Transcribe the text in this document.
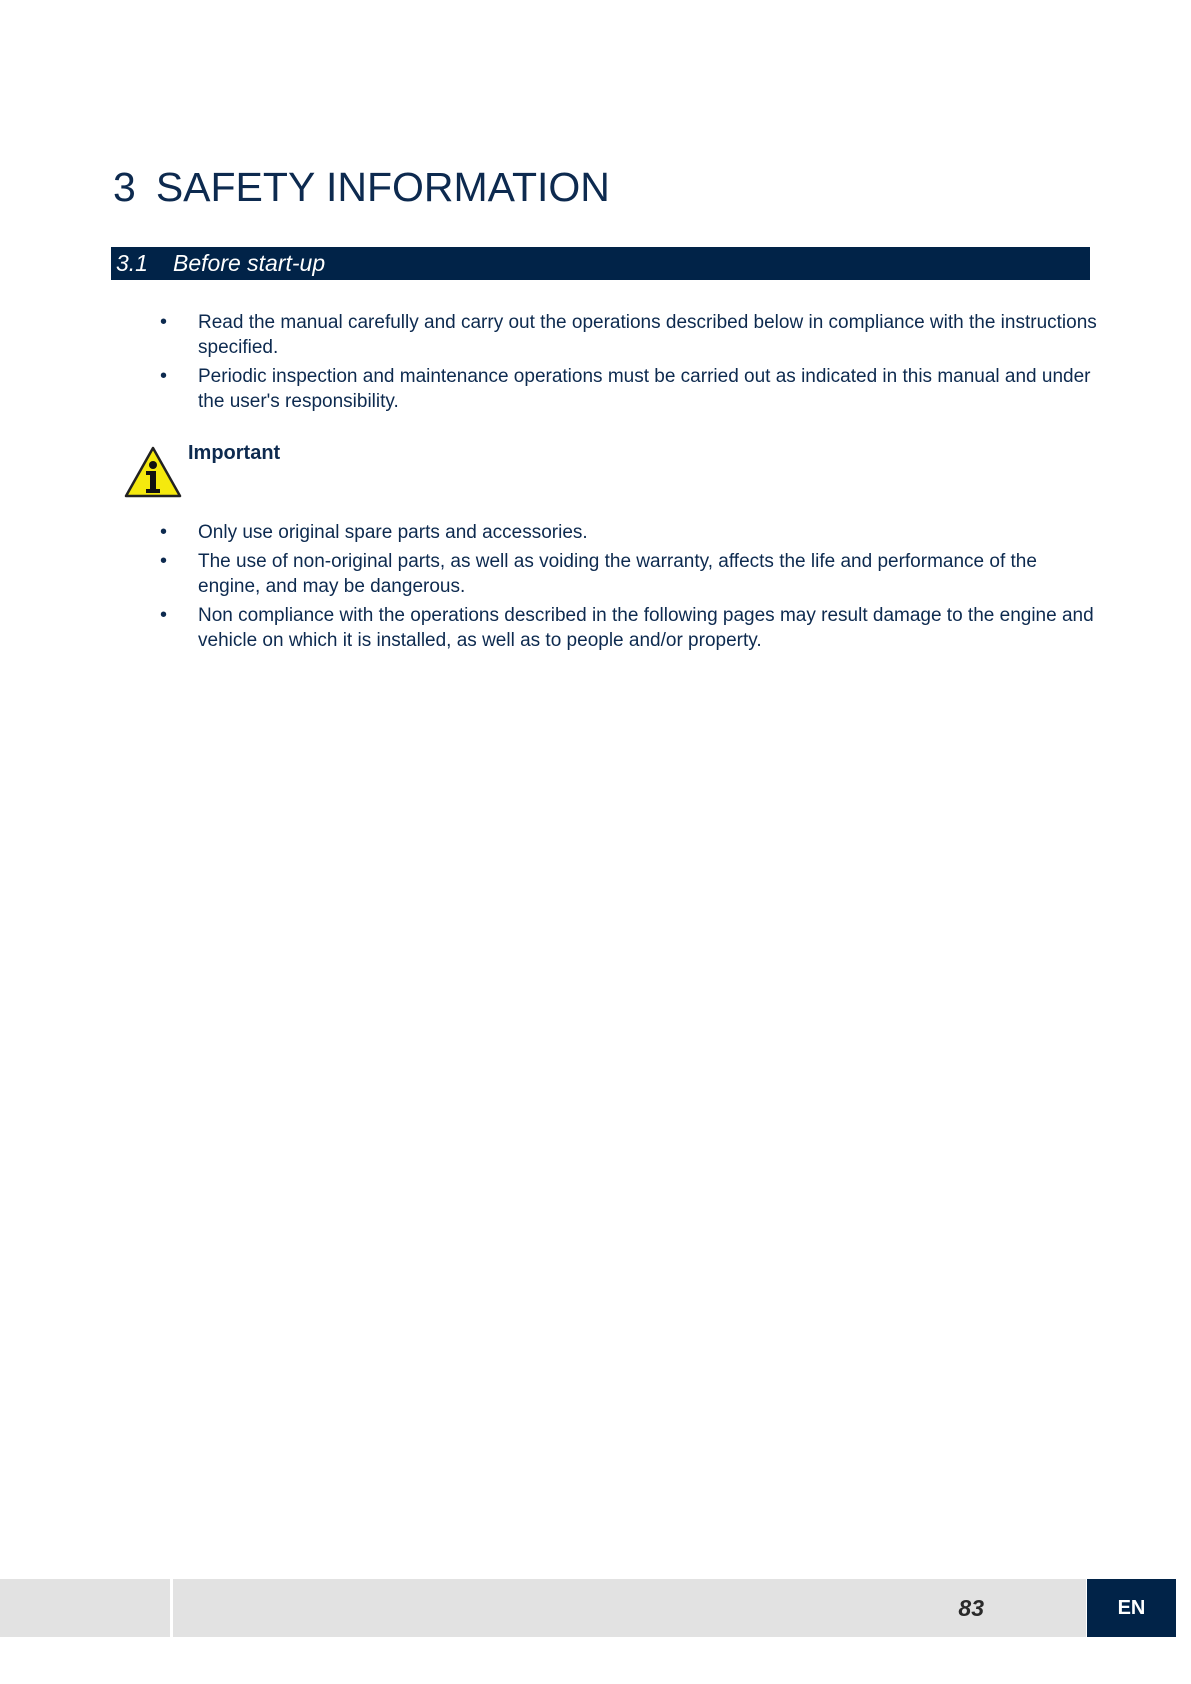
3 SAFETY INFORMATION
3.1 Before start-up
• Read the manual carefully and carry out the operations described below in compliance with the instructions specified.
• Periodic inspection and maintenance operations must be carried out as indicated in this manual and under the user's responsibility.
Important
• Only use original spare parts and accessories.
• The use of non-original parts, as well as voiding the warranty, affects the life and performance of the engine, and may be dangerous.
• Non compliance with the operations described in the following pages may result damage to the engine and vehicle on which it is installed, as well as to people and/or property.
83	EN
